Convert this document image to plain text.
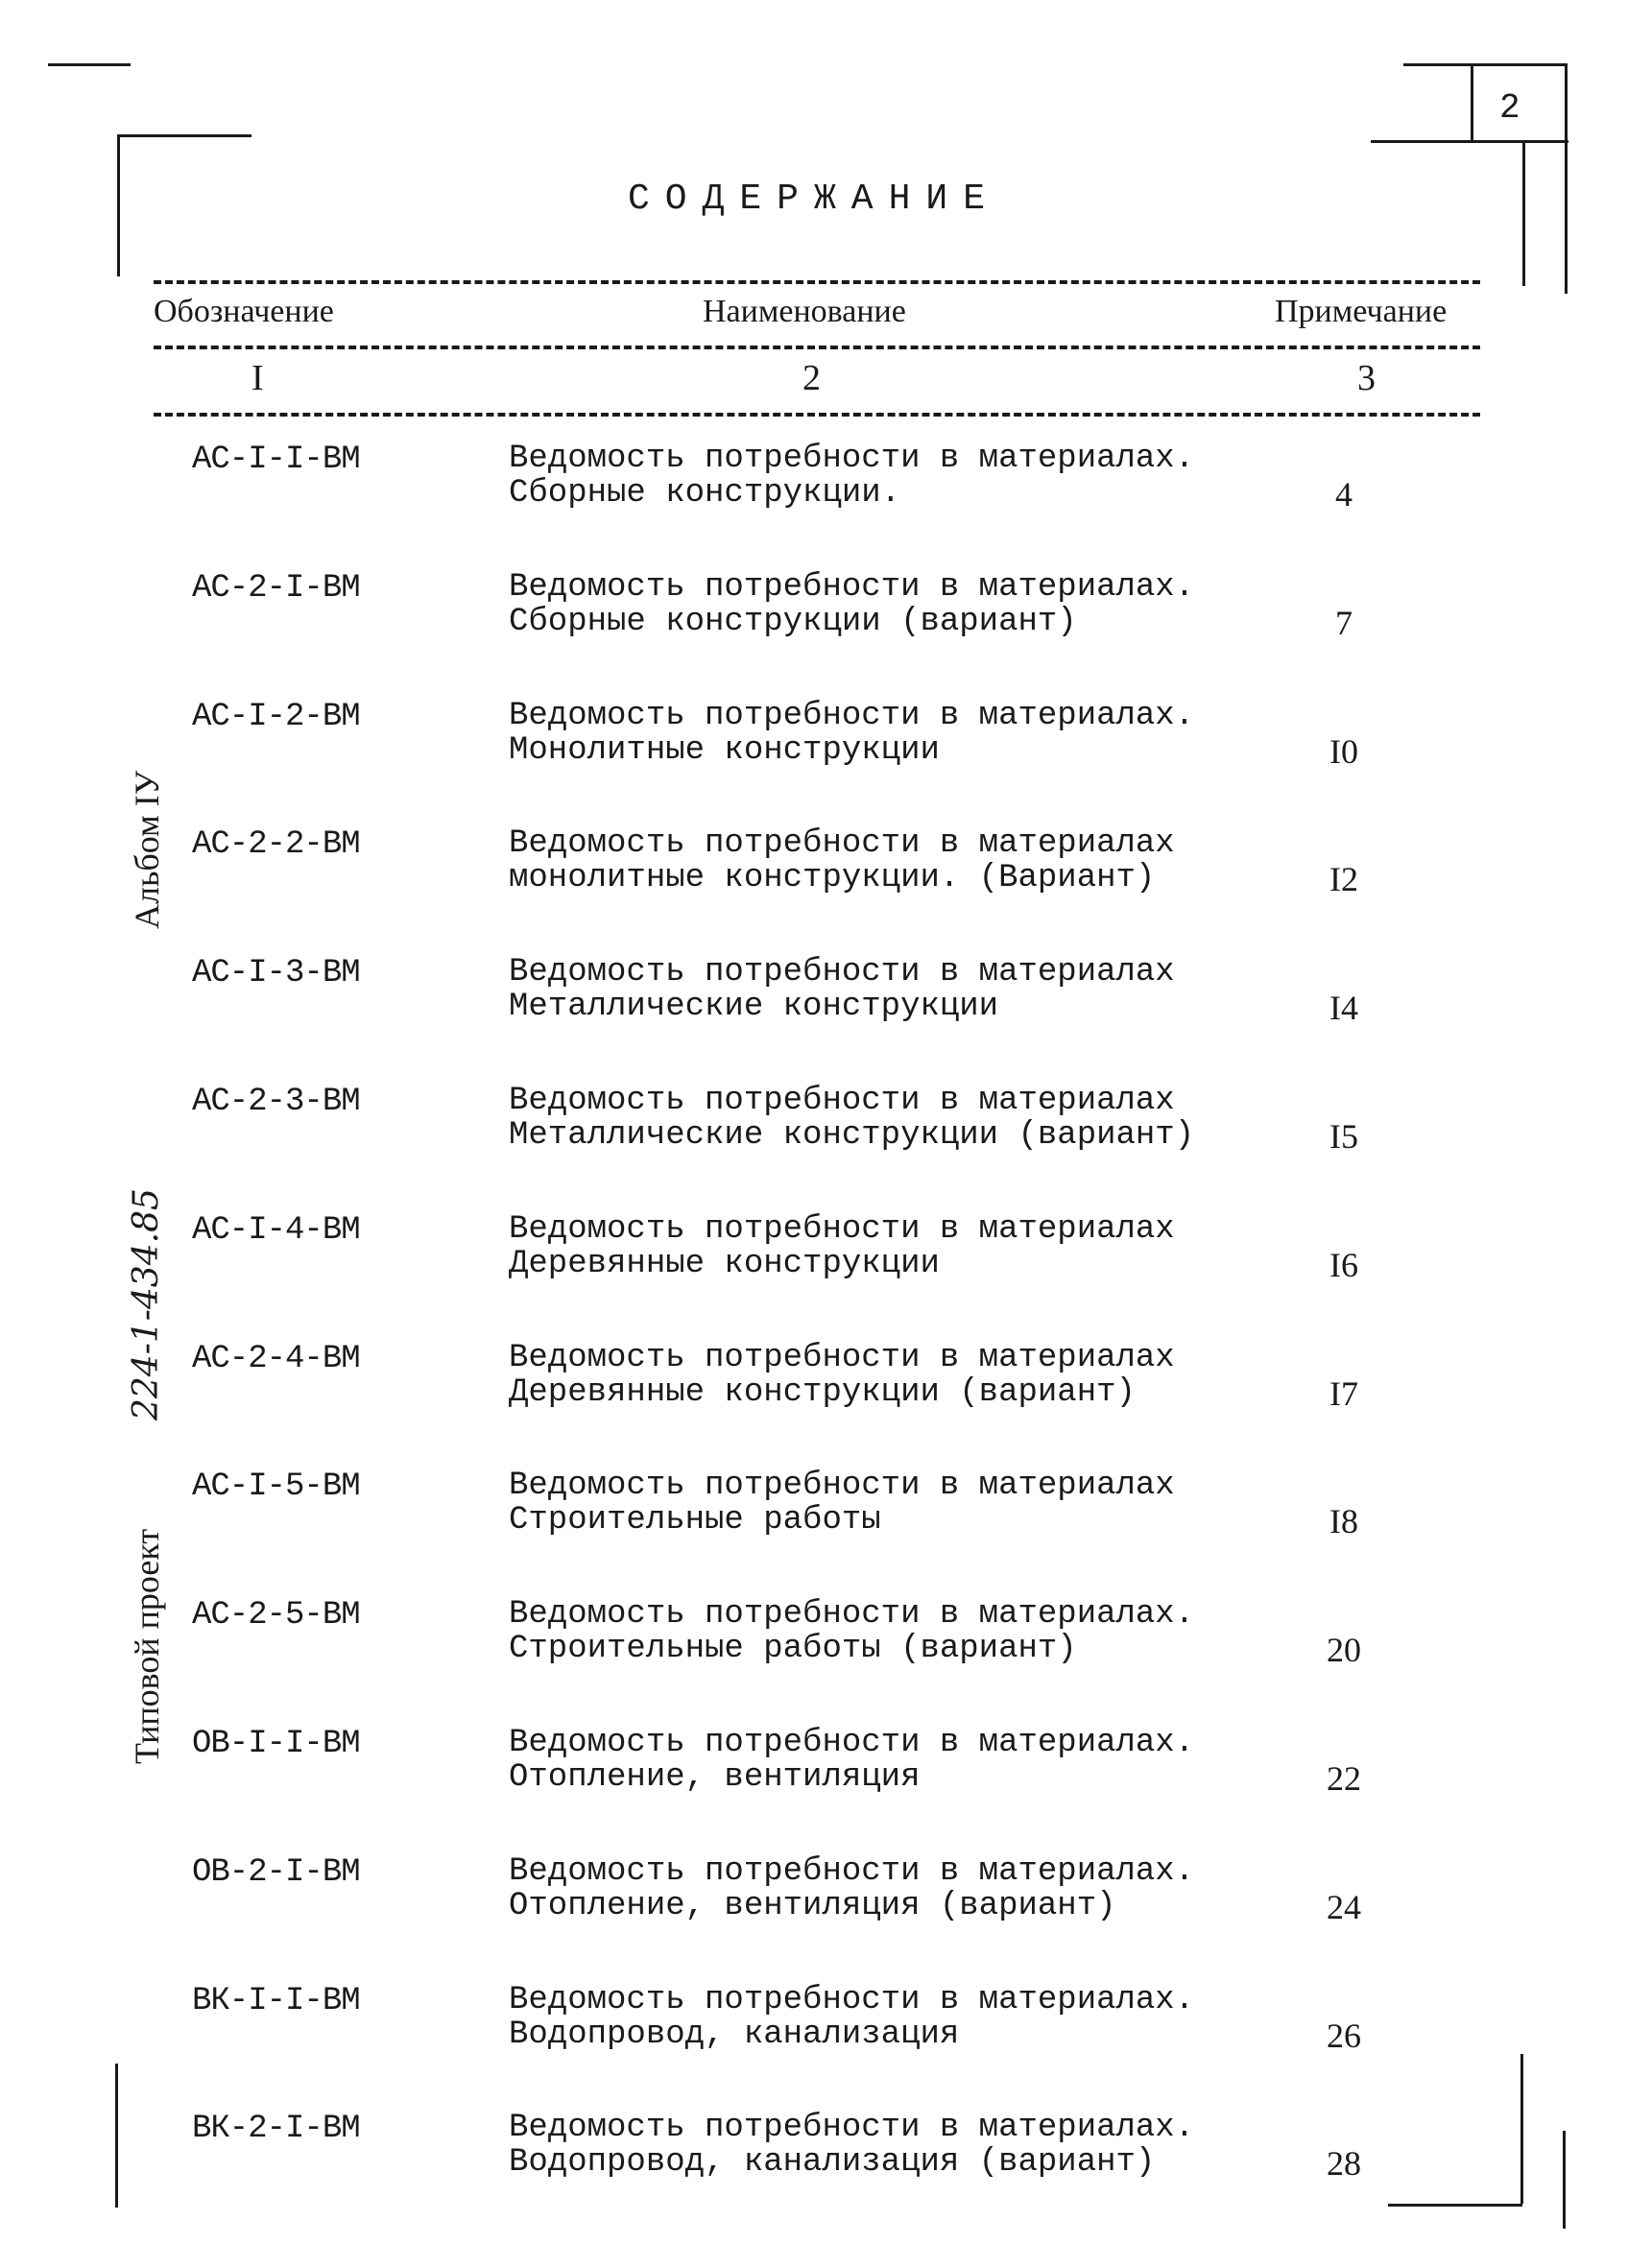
2
СОДЕРЖАНИЕ
Обозначение	Наименование	Примечание
I	2	3
Альбом IУ
224-1-434.85
Типовой проект
АС-I-I-ВМ	Ведомость потребности в материалах.
Сборные конструкции.	4
АС-2-I-ВМ	Ведомость потребности в материалах.
Сборные конструкции (вариант)	7
АС-I-2-ВМ	Ведомость потребности в материалах.
Монолитные конструкции	I0
АС-2-2-ВМ	Ведомость потребности в материалах
монолитные конструкции. (Вариант)	I2
АС-I-3-ВМ	Ведомость потребности в материалах
Металлические конструкции	I4
АС-2-3-ВМ	Ведомость потребности в материалах
Металлические конструкции (вариант)	I5
АС-I-4-ВМ	Ведомость потребности в материалах
Деревянные конструкции	I6
АС-2-4-ВМ	Ведомость потребности в материалах
Деревянные конструкции (вариант)	I7
АС-I-5-ВМ	Ведомость потребности в материалах
Строительные работы	I8
АС-2-5-ВМ	Ведомость потребности в материалах.
Строительные работы (вариант)	20
ОВ-I-I-ВМ	Ведомость потребности в материалах.
Отопление, вентиляция	22
ОВ-2-I-ВМ	Ведомость потребности в материалах.
Отопление, вентиляция (вариант)	24
ВК-I-I-ВМ	Ведомость потребности в материалах.
Водопровод, канализация	26
ВК-2-I-ВМ	Ведомость потребности в материалах.
Водопровод, канализация (вариант)	28
